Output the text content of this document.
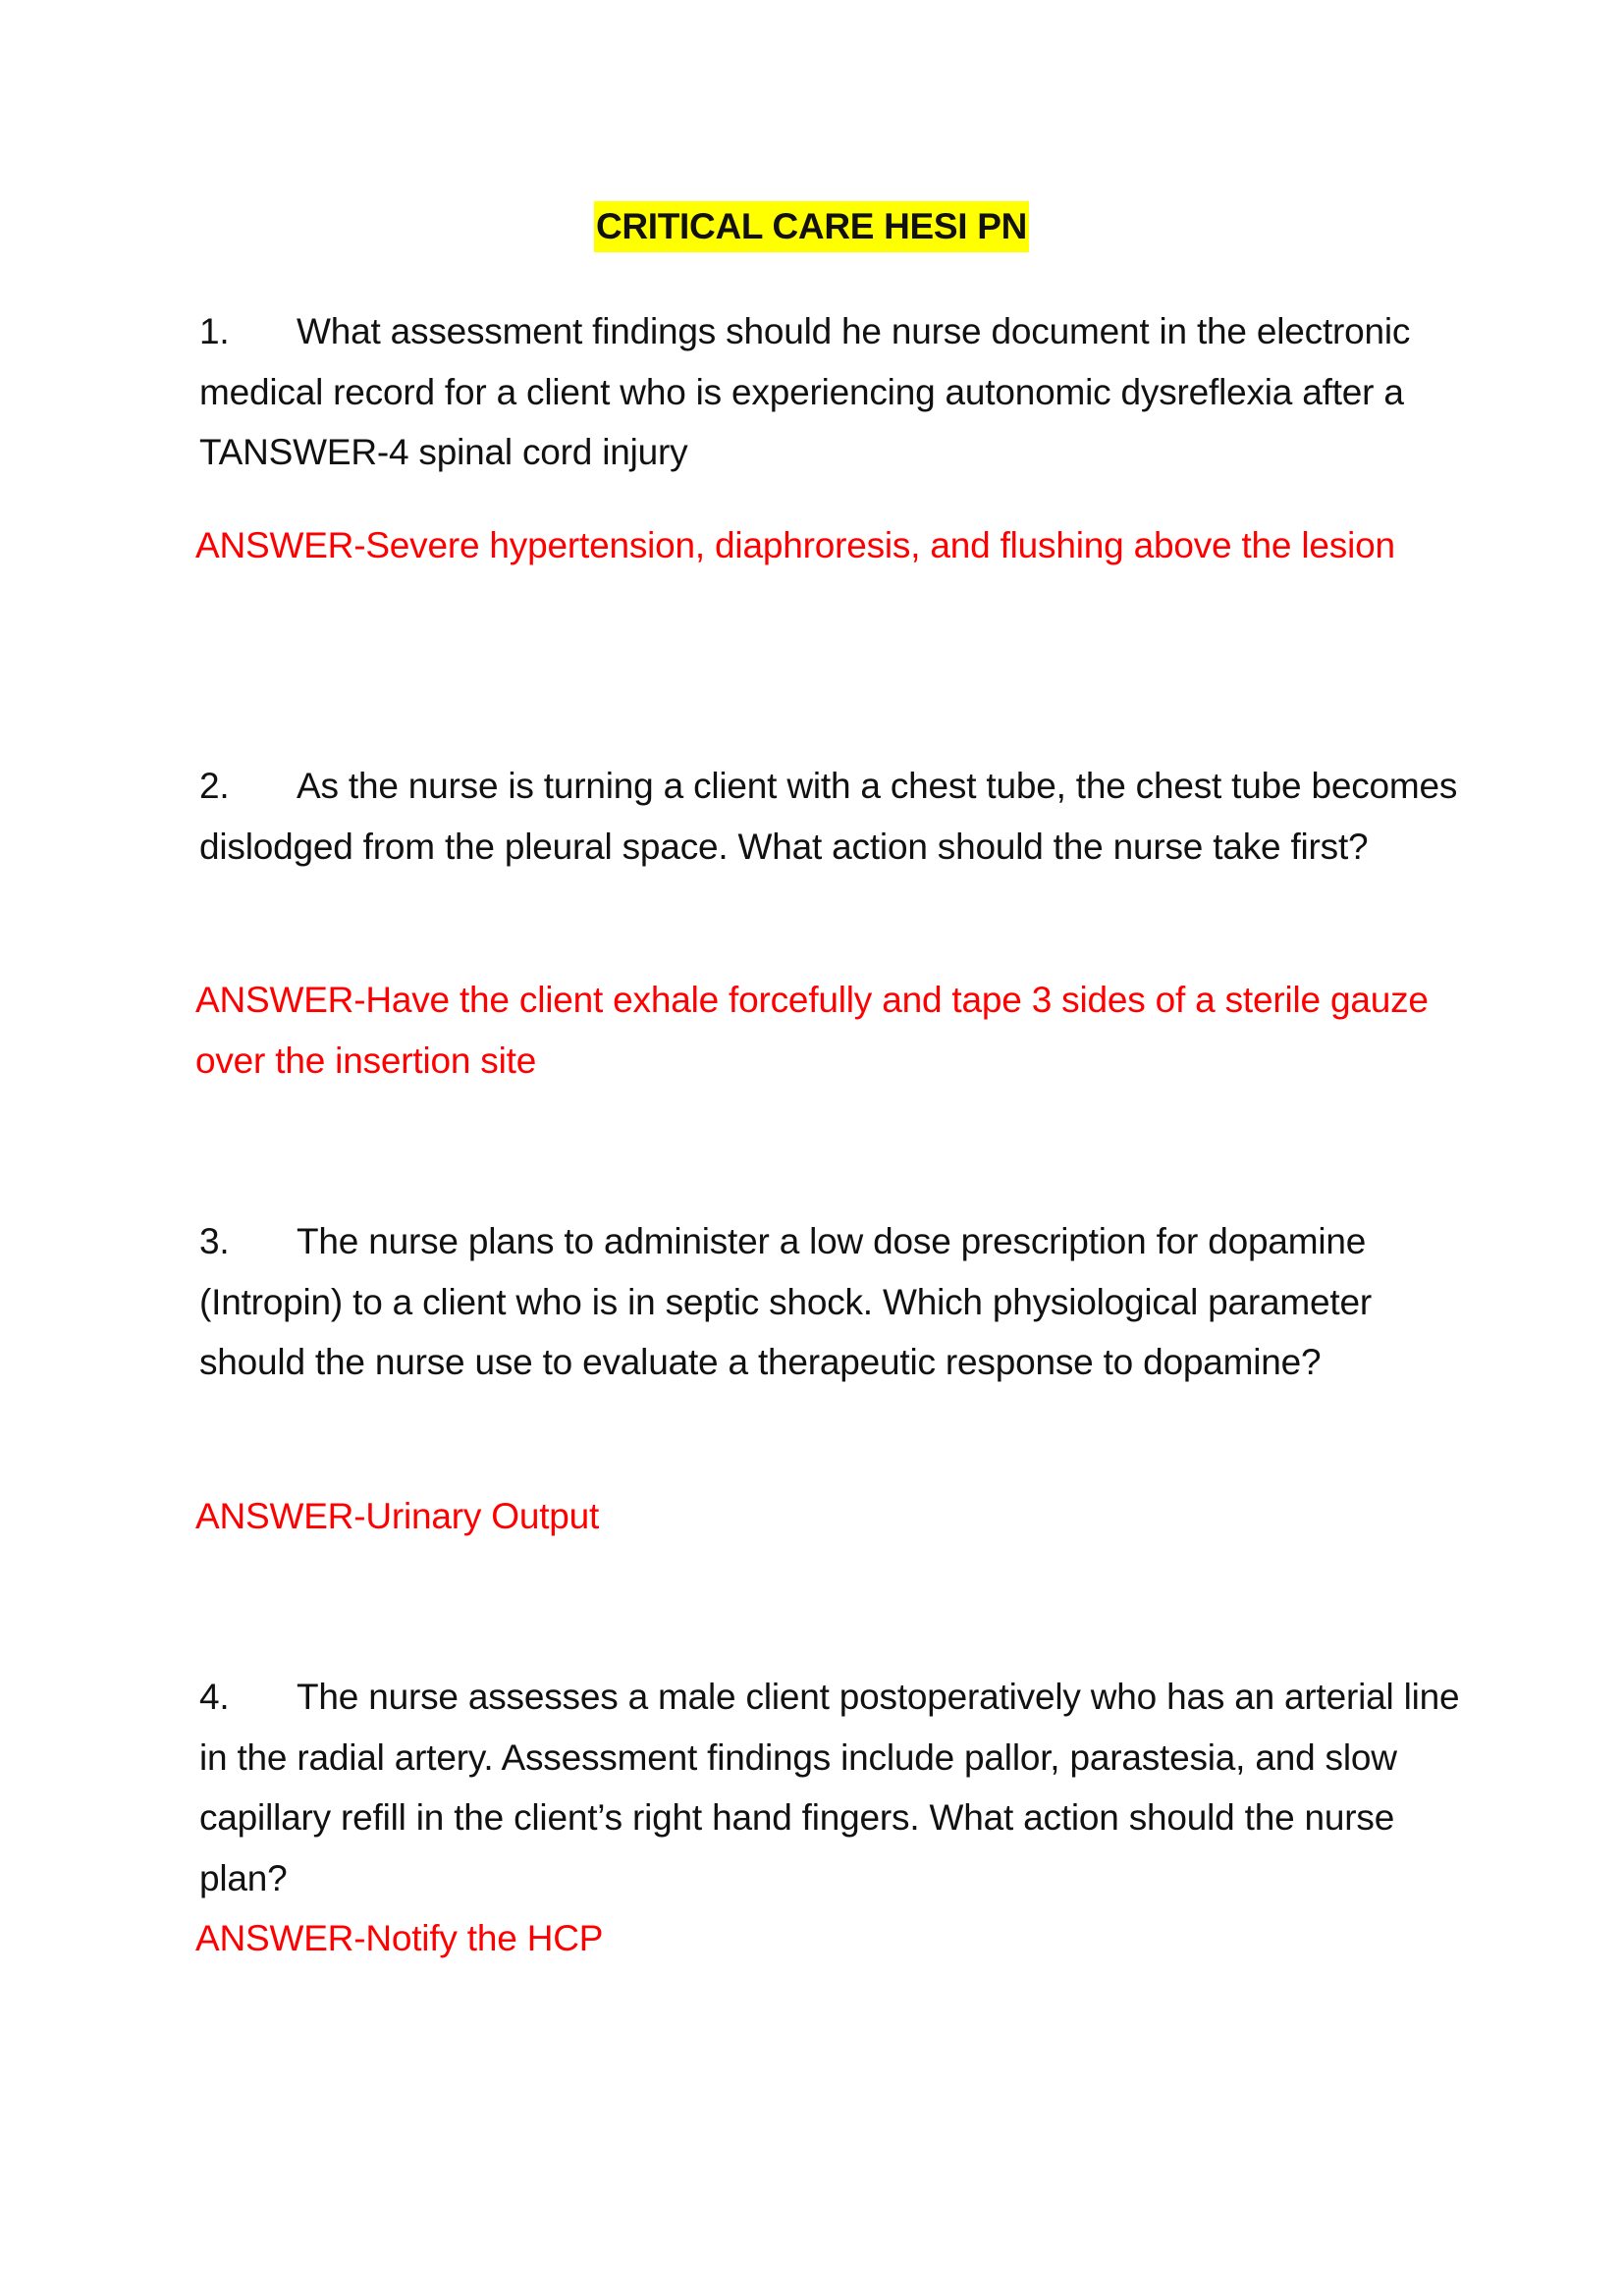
CRITICAL CARE HESI PN
1. What assessment findings should he nurse document in the electronic medical record for a client who is experiencing autonomic dysreflexia after a TANSWER-4 spinal cord injury
ANSWER-Severe hypertension, diaphroresis, and flushing above the lesion
2. As the nurse is turning a client with a chest tube, the chest tube becomes dislodged from the pleural space. What action should the nurse take first?
ANSWER-Have the client exhale forcefully and tape 3 sides of a sterile gauze over the insertion site
3. The nurse plans to administer a low dose prescription for dopamine (Intropin) to a client who is in septic shock. Which physiological parameter should the nurse use to evaluate a therapeutic response to dopamine?
ANSWER-Urinary Output
4. The nurse assesses a male client postoperatively who has an arterial line in the radial artery. Assessment findings include pallor, parastesia, and slow capillary refill in the client’s right hand fingers. What action should the nurse plan?
ANSWER-Notify the HCP
